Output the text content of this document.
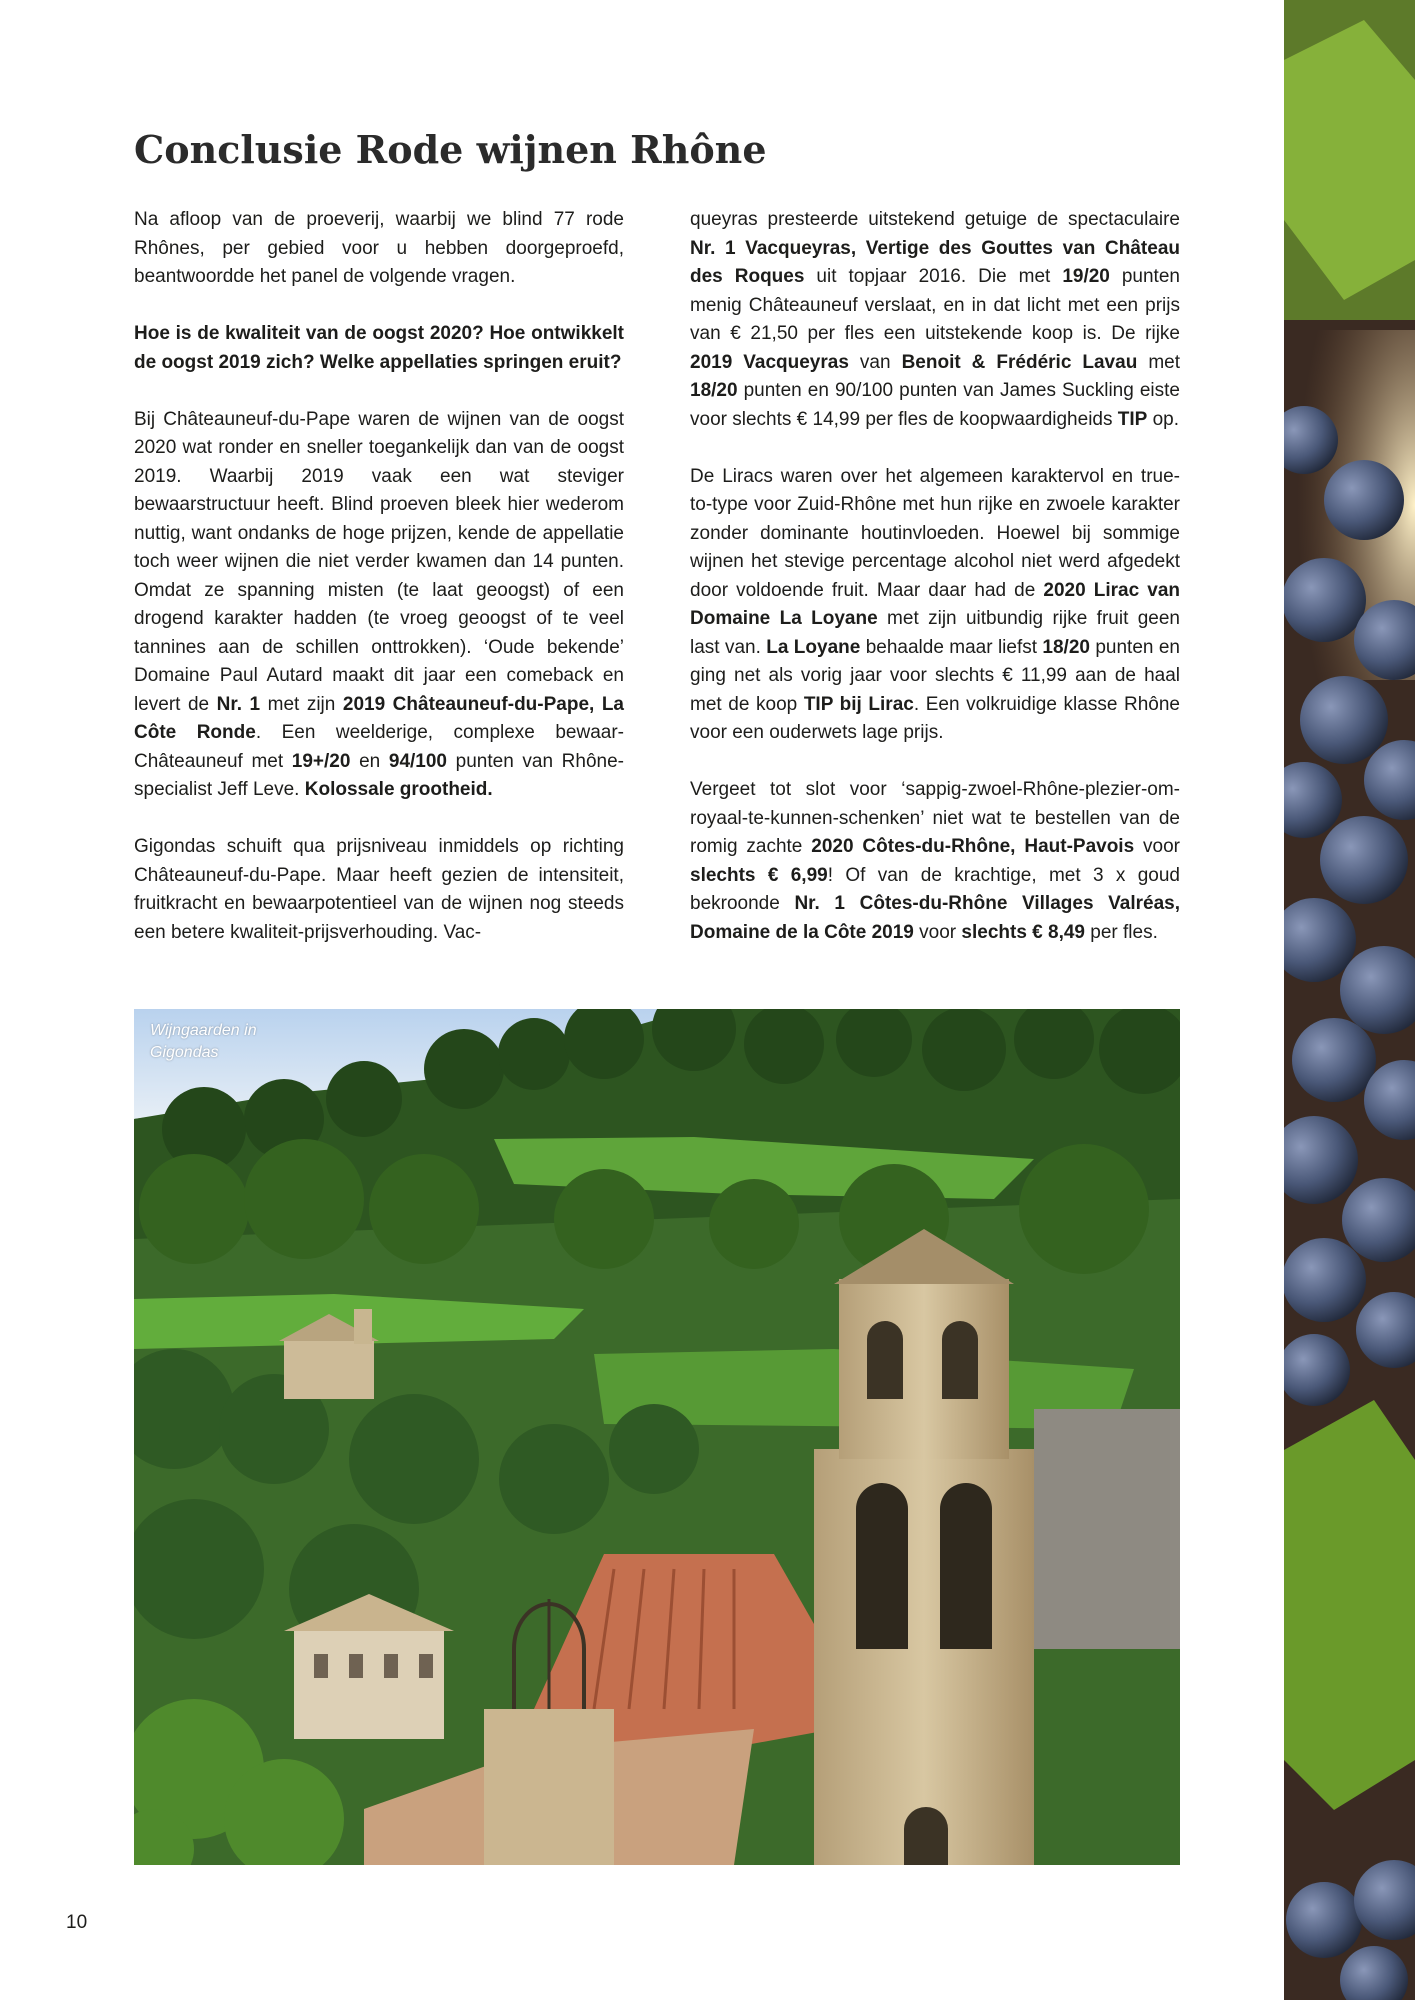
Conclusie Rode wijnen Rhône

Na afloop van de proeverij, waarbij we blind 77 rode Rhônes, per gebied voor u hebben doorgeproefd, beantwoordde het panel de volgende vragen.

Hoe is de kwaliteit van de oogst 2020? Hoe ontwikkelt de oogst 2019 zich? Welke appellaties springen eruit?

Bij Châteauneuf-du-Pape waren de wijnen van de oogst 2020 wat ronder en sneller toegankelijk dan van de oogst 2019. Waarbij 2019 vaak een wat steviger bewaarstructuur heeft. Blind proeven bleek hier wederom nuttig, want ondanks de hoge prijzen, kende de appellatie toch weer wijnen die niet verder kwamen dan 14 punten. Omdat ze spanning misten (te laat geoogst) of een drogend karakter hadden (te vroeg geoogst of te veel tannines aan de schillen onttrokken). ‘Oude bekende’ Domaine Paul Autard maakt dit jaar een comeback en levert de Nr. 1 met zijn 2019 Châteauneuf-du-Pape, La Côte Ronde. Een weelderige, complexe bewaar-Châteauneuf met 19+/20 en 94/100 punten van Rhône-specialist Jeff Leve. Kolossale grootheid.

Gigondas schuift qua prijsniveau inmiddels op richting Châteauneuf-du-Pape. Maar heeft gezien de intensiteit, fruitkracht en bewaarpotentieel van de wijnen nog steeds een betere kwaliteit-prijsverhouding. Vac-

queyras presteerde uitstekend getuige de spectaculaire Nr. 1 Vacqueyras, Vertige des Gouttes van Château des Roques uit topjaar 2016. Die met 19/20 punten menig Châteauneuf verslaat, en in dat licht met een prijs van € 21,50 per fles een uitstekende koop is. De rijke 2019 Vacqueyras van Benoit & Frédéric Lavau met 18/20 punten en 90/100 punten van James Suckling eiste voor slechts € 14,99 per fles de koopwaardigheids TIP op.

De Liracs waren over het algemeen karaktervol en true-to-type voor Zuid-Rhône met hun rijke en zwoele karakter zonder dominante houtinvloeden. Hoewel bij sommige wijnen het stevige percentage alcohol niet werd afgedekt door voldoende fruit. Maar daar had de 2020 Lirac van Domaine La Loyane met zijn uitbundig rijke fruit geen last van. La Loyane behaalde maar liefst 18/20 punten en ging net als vorig jaar voor slechts € 11,99 aan de haal met de koop TIP bij Lirac. Een volkruidige klasse Rhône voor een ouderwets lage prijs.

Vergeet tot slot voor ‘sappig-zwoel-Rhône-plezier-om-royaal-te-kunnen-schenken’ niet wat te bestellen van de romig zachte 2020 Côtes-du-Rhône, Haut-Pavois voor slechts € 6,99! Of van de krachtige, met 3 x goud bekroonde Nr. 1 Côtes-du-Rhône Villages Valréas, Domaine de la Côte 2019 voor slechts € 8,49 per fles.

Wijngaarden in Gigondas
10
